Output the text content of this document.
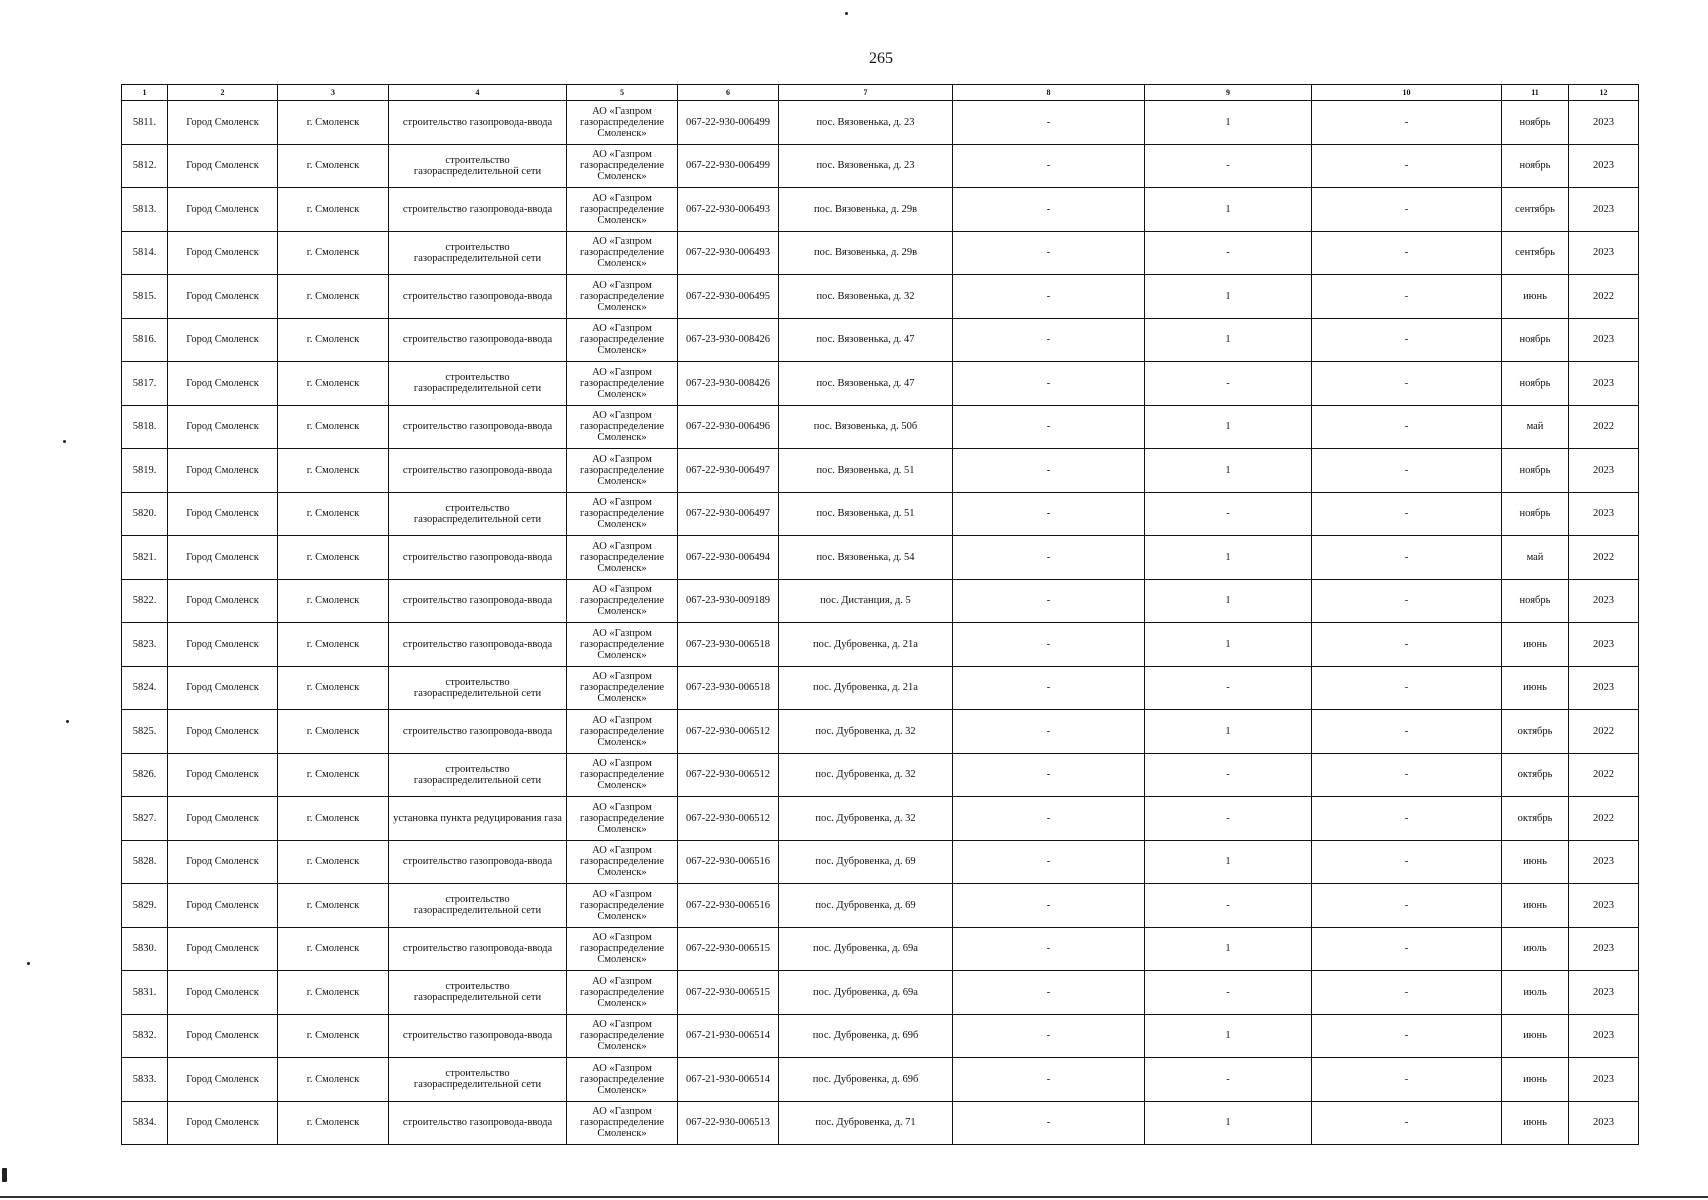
265
1	2	3	4	5	6	7	8	9	10	11	12
5811.	Город Смоленск	г. Смоленск	строительство газопровода-ввода	АО «Газпром газораспределение Смоленск»	067-22-930-006499	пос. Вязовенька, д. 23	-	1	-	ноябрь	2023
5812.	Город Смоленск	г. Смоленск	строительство газораспределительной сети	АО «Газпром газораспределение Смоленск»	067-22-930-006499	пос. Вязовенька, д. 23	-	-	-	ноябрь	2023
5813.	Город Смоленск	г. Смоленск	строительство газопровода-ввода	АО «Газпром газораспределение Смоленск»	067-22-930-006493	пос. Вязовенька, д. 29в	-	1	-	сентябрь	2023
5814.	Город Смоленск	г. Смоленск	строительство газораспределительной сети	АО «Газпром газораспределение Смоленск»	067-22-930-006493	пос. Вязовенька, д. 29в	-	-	-	сентябрь	2023
5815.	Город Смоленск	г. Смоленск	строительство газопровода-ввода	АО «Газпром газораспределение Смоленск»	067-22-930-006495	пос. Вязовенька, д. 32	-	1	-	июнь	2022
5816.	Город Смоленск	г. Смоленск	строительство газопровода-ввода	АО «Газпром газораспределение Смоленск»	067-23-930-008426	пос. Вязовенька, д. 47	-	1	-	ноябрь	2023
5817.	Город Смоленск	г. Смоленск	строительство газораспределительной сети	АО «Газпром газораспределение Смоленск»	067-23-930-008426	пос. Вязовенька, д. 47	-	-	-	ноябрь	2023
5818.	Город Смоленск	г. Смоленск	строительство газопровода-ввода	АО «Газпром газораспределение Смоленск»	067-22-930-006496	пос. Вязовенька, д. 50б	-	1	-	май	2022
5819.	Город Смоленск	г. Смоленск	строительство газопровода-ввода	АО «Газпром газораспределение Смоленск»	067-22-930-006497	пос. Вязовенька, д. 51	-	1	-	ноябрь	2023
5820.	Город Смоленск	г. Смоленск	строительство газораспределительной сети	АО «Газпром газораспределение Смоленск»	067-22-930-006497	пос. Вязовенька, д. 51	-	-	-	ноябрь	2023
5821.	Город Смоленск	г. Смоленск	строительство газопровода-ввода	АО «Газпром газораспределение Смоленск»	067-22-930-006494	пос. Вязовенька, д. 54	-	1	-	май	2022
5822.	Город Смоленск	г. Смоленск	строительство газопровода-ввода	АО «Газпром газораспределение Смоленск»	067-23-930-009189	пос. Дистанция, д. 5	-	1	-	ноябрь	2023
5823.	Город Смоленск	г. Смоленск	строительство газопровода-ввода	АО «Газпром газораспределение Смоленск»	067-23-930-006518	пос. Дубровенка, д. 21а	-	1	-	июнь	2023
5824.	Город Смоленск	г. Смоленск	строительство газораспределительной сети	АО «Газпром газораспределение Смоленск»	067-23-930-006518	пос. Дубровенка, д. 21а	-	-	-	июнь	2023
5825.	Город Смоленск	г. Смоленск	строительство газопровода-ввода	АО «Газпром газораспределение Смоленск»	067-22-930-006512	пос. Дубровенка, д. 32	-	1	-	октябрь	2022
5826.	Город Смоленск	г. Смоленск	строительство газораспределительной сети	АО «Газпром газораспределение Смоленск»	067-22-930-006512	пос. Дубровенка, д. 32	-	-	-	октябрь	2022
5827.	Город Смоленск	г. Смоленск	установка пункта редуцирования газа	АО «Газпром газораспределение Смоленск»	067-22-930-006512	пос. Дубровенка, д. 32	-	-	-	октябрь	2022
5828.	Город Смоленск	г. Смоленск	строительство газопровода-ввода	АО «Газпром газораспределение Смоленск»	067-22-930-006516	пос. Дубровенка, д. 69	-	1	-	июнь	2023
5829.	Город Смоленск	г. Смоленск	строительство газораспределительной сети	АО «Газпром газораспределение Смоленск»	067-22-930-006516	пос. Дубровенка, д. 69	-	-	-	июнь	2023
5830.	Город Смоленск	г. Смоленск	строительство газопровода-ввода	АО «Газпром газораспределение Смоленск»	067-22-930-006515	пос. Дубровенка, д. 69а	-	1	-	июль	2023
5831.	Город Смоленск	г. Смоленск	строительство газораспределительной сети	АО «Газпром газораспределение Смоленск»	067-22-930-006515	пос. Дубровенка, д. 69а	-	-	-	июль	2023
5832.	Город Смоленск	г. Смоленск	строительство газопровода-ввода	АО «Газпром газораспределение Смоленск»	067-21-930-006514	пос. Дубровенка, д. 69б	-	1	-	июнь	2023
5833.	Город Смоленск	г. Смоленск	строительство газораспределительной сети	АО «Газпром газораспределение Смоленск»	067-21-930-006514	пос. Дубровенка, д. 69б	-	-	-	июнь	2023
5834.	Город Смоленск	г. Смоленск	строительство газопровода-ввода	АО «Газпром газораспределение Смоленск»	067-22-930-006513	пос. Дубровенка, д. 71	-	1	-	июнь	2023
